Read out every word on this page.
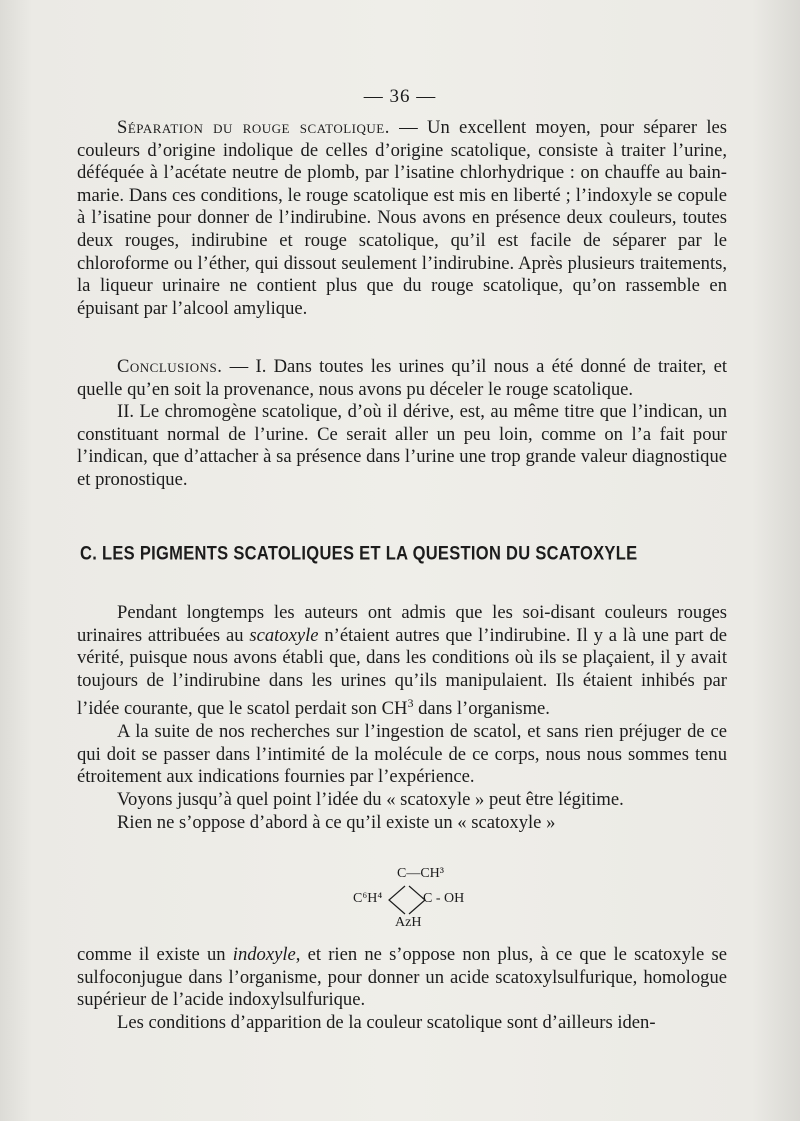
— 36 —

Séparation du rouge scatolique. — Un excellent moyen, pour séparer les couleurs d’origine indolique de celles d’origine scatolique, consiste à traiter l’urine, déféquée à l’acétate neutre de plomb, par l’isatine chlorhydrique : on chauffe au bain-marie. Dans ces conditions, le rouge scatolique est mis en liberté ; l’indoxyle se copule à l’isatine pour donner de l’indirubine. Nous avons en présence deux couleurs, toutes deux rouges, indirubine et rouge scatolique, qu’il est facile de séparer par le chloroforme ou l’éther, qui dissout seulement l’indirubine. Après plusieurs traitements, la liqueur urinaire ne contient plus que du rouge scatolique, qu’on rassemble en épuisant par l’alcool amylique.

Conclusions. — I. Dans toutes les urines qu’il nous a été donné de traiter, et quelle qu’en soit la provenance, nous avons pu déceler le rouge scatolique.

II. Le chromogène scatolique, d’où il dérive, est, au même titre que l’indican, un constituant normal de l’urine. Ce serait aller un peu loin, comme on l’a fait pour l’indican, que d’attacher à sa présence dans l’urine une trop grande valeur diagnostique et pronostique.

C. LES PIGMENTS SCATOLIQUES ET LA QUESTION DU SCATOXYLE

Pendant longtemps les auteurs ont admis que les soi-disant couleurs rouges urinaires attribuées au scatoxyle n’étaient autres que l’indirubine. Il y a là une part de vérité, puisque nous avons établi que, dans les conditions où ils se plaçaient, il y avait toujours de l’indirubine dans les urines qu’ils manipulaient. Ils étaient inhibés par l’idée courante, que le scatol perdait son $CH^3$ dans l’organisme.

A la suite de nos recherches sur l’ingestion de scatol, et sans rien préjuger de ce qui doit se passer dans l’intimité de la molécule de ce corps, nous nous sommes tenu étroitement aux indications fournies par l’expérience.

Voyons jusqu’à quel point l’idée du « scatoxyle » peut être légitime.

Rien ne s’oppose d’abord à ce qu’il existe un « scatoxyle »

C—CH³
C⁶H⁴	C - OH
AzH

comme il existe un indoxyle, et rien ne s’oppose non plus, à ce que le scatoxyle se sulfoconjugue dans l’organisme, pour donner un acide scatoxylsulfurique, homologue supérieur de l’acide indoxylsulfurique.

Les conditions d’apparition de la couleur scatolique sont d’ailleurs iden-
